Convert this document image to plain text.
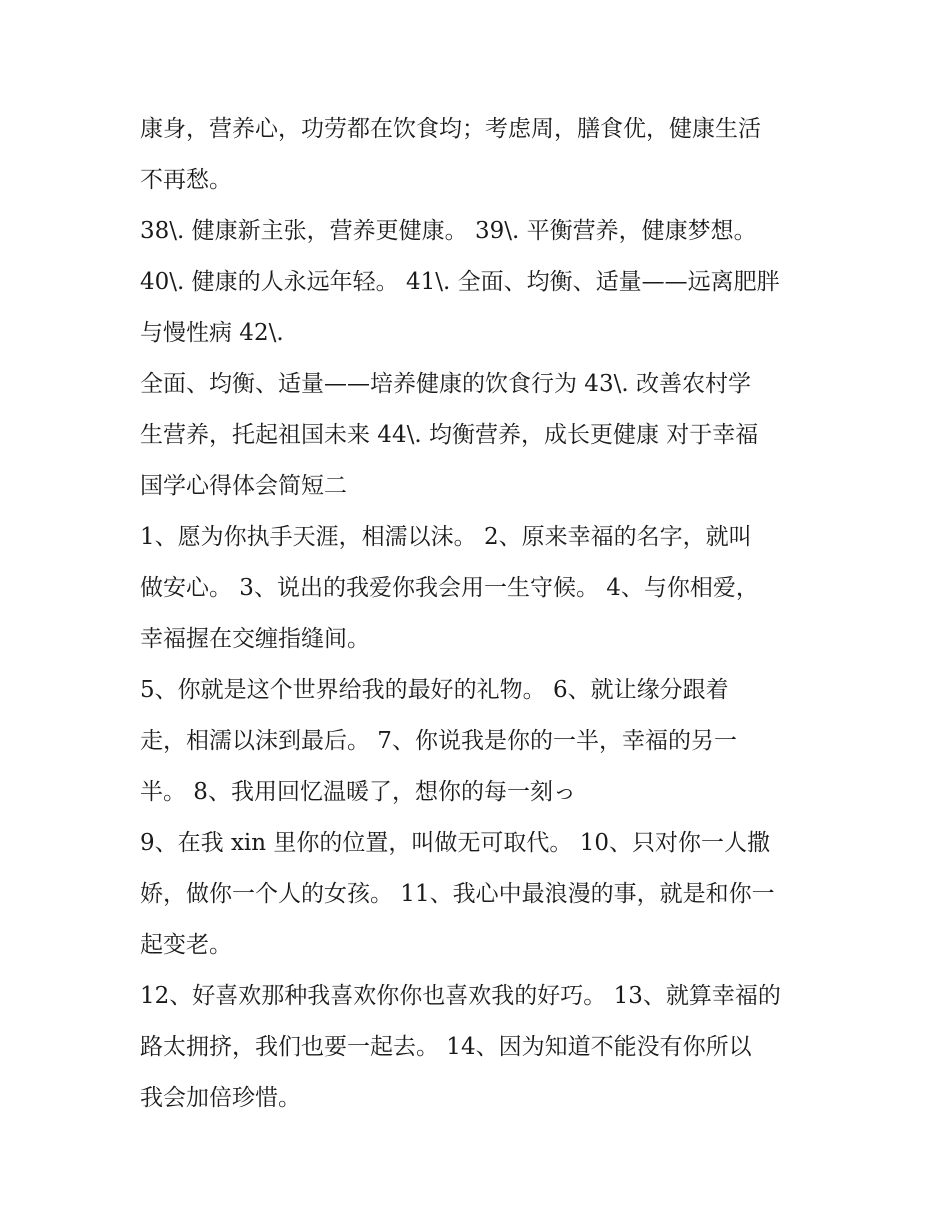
康身，营养心，功劳都在饮食均；考虑周，膳食优，健康生活
不再愁。
38\. 健康新主张，营养更健康。 39\. 平衡营养，健康梦想。
40\. 健康的人永远年轻。 41\. 全面、均衡、适量——远离肥胖
与慢性病 42\.
全面、均衡、适量——培养健康的饮食行为 43\. 改善农村学
生营养，托起祖国未来 44\. 均衡营养，成长更健康 对于幸福
国学心得体会简短二
1、愿为你执手天涯，相濡以沫。 2、原来幸福的名字，就叫
做安心。 3、说出的我爱你我会用一生守候。 4、与你相爱，
幸福握在交缠指缝间。
5、你就是这个世界给我的最好的礼物。 6、就让缘分跟着
走，相濡以沫到最后。 7、你说我是你的一半，幸福的另一
半。 8、我用回忆温暖了，想你的每一刻っ
9、在我 xin 里你的位置，叫做无可取代。 10、只对你一人撒
娇，做你一个人的女孩。 11、我心中最浪漫的事，就是和你一
起变老。
12、好喜欢那种我喜欢你你也喜欢我的好巧。 13、就算幸福的
路太拥挤，我们也要一起去。 14、因为知道不能没有你所以
我会加倍珍惜。
